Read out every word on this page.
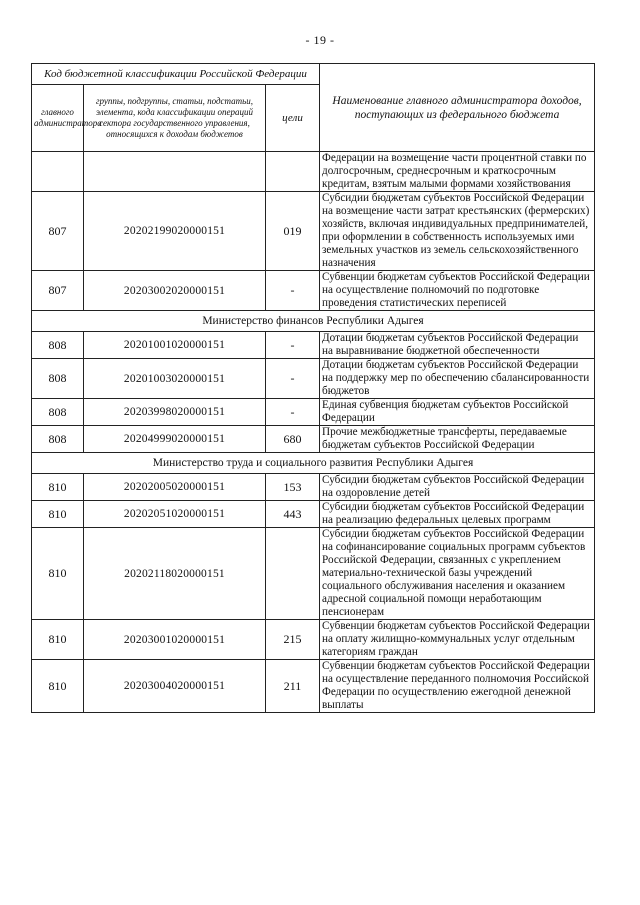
- 19 -
Код бюджетной классификации Российской Федерации			Наименование главного администратора доходов, поступающих из федерального бюджета
главного администратора	группы, подгруппы, статьи, подстатьи, элемента, кода классификации операций сектора государственного управления, относящихся к доходам бюджетов	цели	
			Федерации на возмещение части процентной ставки по долгосрочным, среднесрочным и краткосрочным кредитам, взятым малыми формами хозяйствования
807	20202199020000151	019	Субсидии бюджетам субъектов Российской Федерации на возмещение части затрат крестьянских (фермерских) хозяйств, включая индивидуальных предпринимателей, при оформлении в собственность используемых ими земельных участков из земель сельскохозяйственного назначения
807	20203002020000151	-	Субвенции бюджетам субъектов Российской Федерации на осуществление полномочий по подготовке проведения статистических переписей
Министерство финансов Республики Адыгея			
808	20201001020000151	-	Дотации бюджетам субъектов Российской Федерации на выравнивание бюджетной обеспеченности
808	20201003020000151	-	Дотации бюджетам субъектов Российской Федерации на поддержку мер по обеспечению сбалансированности бюджетов
808	20203998020000151	-	Единая субвенция бюджетам субъектов Российской Федерации
808	20204999020000151	680	Прочие межбюджетные трансферты, передаваемые бюджетам субъектов Российской Федерации
Министерство труда и социального развития Республики Адыгея			
810	20202005020000151	153	Субсидии бюджетам субъектов Российской Федерации на оздоровление детей
810	20202051020000151	443	Субсидии бюджетам субъектов Российской Федерации на реализацию федеральных целевых программ
810	20202118020000151		Субсидии бюджетам субъектов Российской Федерации на софинансирование социальных программ субъектов Российской Федерации, связанных с укреплением материально-технической базы учреждений социального обслуживания населения и оказанием адресной социальной помощи неработающим пенсионерам
810	20203001020000151	215	Субвенции бюджетам субъектов Российской Федерации на оплату жилищно-коммунальных услуг отдельным категориям граждан
810	20203004020000151	211	Субвенции бюджетам субъектов Российской Федерации на осуществление переданного полномочия Российской Федерации по осуществлению ежегодной денежной выплаты
